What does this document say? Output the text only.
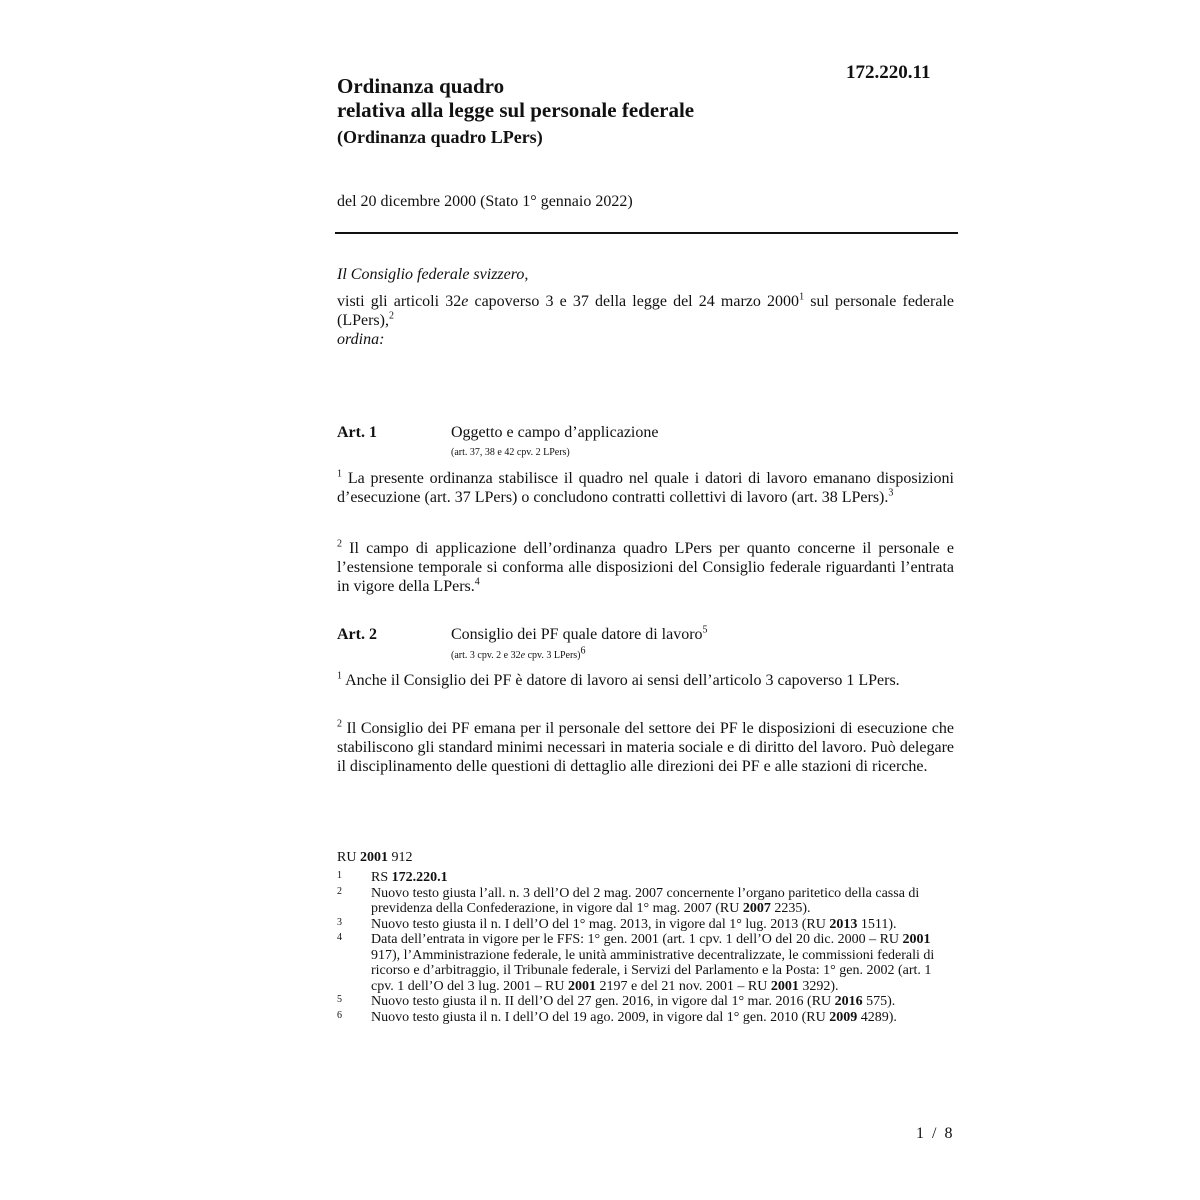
172.220.11
Ordinanza quadro
relativa alla legge sul personale federale
(Ordinanza quadro LPers)
del 20 dicembre 2000 (Stato 1° gennaio 2022)
Il Consiglio federale svizzero,
visti gli articoli 32e capoverso 3 e 37 della legge del 24 marzo 2000$^1$ sul personale federale (LPers),$^2$
ordina:
Art. 1	Oggetto e campo d’applicazione
(art. 37, 38 e 42 cpv. 2 LPers)
$^1$ La presente ordinanza stabilisce il quadro nel quale i datori di lavoro emanano disposizioni d’esecuzione (art. 37 LPers) o concludono contratti collettivi di lavoro (art. 38 LPers).$^3$
$^2$ Il campo di applicazione dell’ordinanza quadro LPers per quanto concerne il personale e l’estensione temporale si conforma alle disposizioni del Consiglio federale riguardanti l’entrata in vigore della LPers.$^4$
Art. 2	Consiglio dei PF quale datore di lavoro$^5$
(art. 3 cpv. 2 e 32e cpv. 3 LPers)$^6$
$^1$ Anche il Consiglio dei PF è datore di lavoro ai sensi dell’articolo 3 capoverso 1 LPers.
$^2$ Il Consiglio dei PF emana per il personale del settore dei PF le disposizioni di esecuzione che stabiliscono gli standard minimi necessari in materia sociale e di diritto del lavoro. Può delegare il disciplinamento delle questioni di dettaglio alle direzioni dei PF e alle stazioni di ricerche.
RU 2001 912
1	RS 172.220.1
2	Nuovo testo giusta l’all. n. 3 dell’O del 2 mag. 2007 concernente l’organo paritetico della cassa di previdenza della Confederazione, in vigore dal 1° mag. 2007 (RU 2007 2235).
3	Nuovo testo giusta il n. I dell’O del 1° mag. 2013, in vigore dal 1° lug. 2013 (RU 2013 1511).
4	Data dell’entrata in vigore per le FFS: 1° gen. 2001 (art. 1 cpv. 1 dell’O del 20 dic. 2000 – RU 2001 917), l’Amministrazione federale, le unità amministrative decentralizzate, le commissioni federali di ricorso e d’arbitraggio, il Tribunale federale, i Servizi del Parlamento e la Posta: 1° gen. 2002 (art. 1 cpv. 1 dell’O del 3 lug. 2001 – RU 2001 2197 e del 21 nov. 2001 – RU 2001 3292).
5	Nuovo testo giusta il n. II dell’O del 27 gen. 2016, in vigore dal 1° mar. 2016 (RU 2016 575).
6	Nuovo testo giusta il n. I dell’O del 19 ago. 2009, in vigore dal 1° gen. 2010 (RU 2009 4289).
1 / 8
